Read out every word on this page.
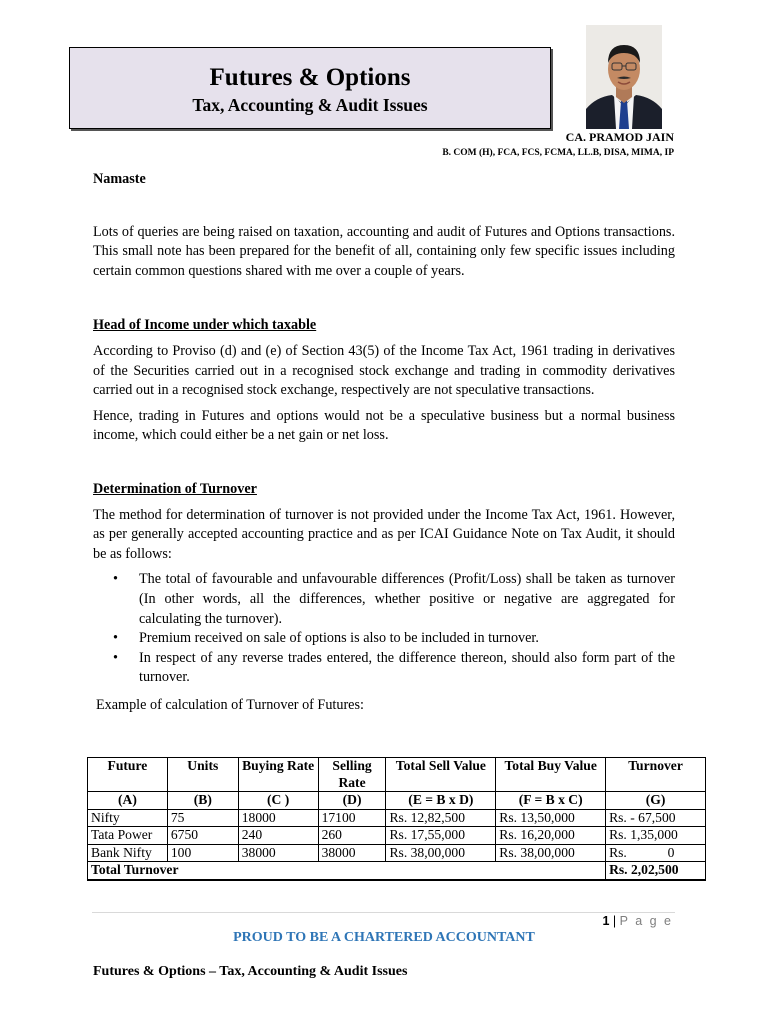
Futures & Options
Tax, Accounting & Audit Issues
CA. PRAMOD JAIN
B. COM (H), FCA, FCS, FCMA, LL.B, DISA, MIMA, IP

Namaste

Lots of queries are being raised on taxation, accounting and audit of Futures and Options transactions. This small note has been prepared for the benefit of all, containing only few specific issues including certain common questions shared with me over a couple of years.

Head of Income under which taxable

According to Proviso (d) and (e) of Section 43(5) of the Income Tax Act, 1961 trading in derivatives of the Securities carried out in a recognised stock exchange and trading in commodity derivatives carried out in a recognised stock exchange, respectively are not speculative transactions.

Hence, trading in Futures and options would not be a speculative business but a normal business income, which could either be a net gain or net loss.

Determination of Turnover

The method for determination of turnover is not provided under the Income Tax Act, 1961. However, as per generally accepted accounting practice and as per ICAI Guidance Note on Tax Audit, it should be as follows:

• The total of favourable and unfavourable differences (Profit/Loss) shall be taken as turnover (In other words, all the differences, whether positive or negative are aggregated for calculating the turnover).
• Premium received on sale of options is also to be included in turnover.
• In respect of any reverse trades entered, the difference thereon, should also form part of the turnover.

Example of calculation of Turnover of Futures:

Future	Units	Buying Rate	Selling Rate	Total Sell Value	Total Buy Value	Turnover
(A)	(B)	(C )	(D)	(E = B x D)	(F = B x C)	(G)
Nifty	75	18000	17100	Rs. 12,82,500	Rs. 13,50,000	Rs. - 67,500
Tata Power	6750	240	260	Rs. 17,55,000	Rs. 16,20,000	Rs. 1,35,000
Bank Nifty	100	38000	38000	Rs. 38,00,000	Rs. 38,00,000	Rs.            0
Total Turnover						Rs. 2,02,500
1 | P a g e
PROUD TO BE A CHARTERED ACCOUNTANT
Futures & Options – Tax, Accounting & Audit Issues
